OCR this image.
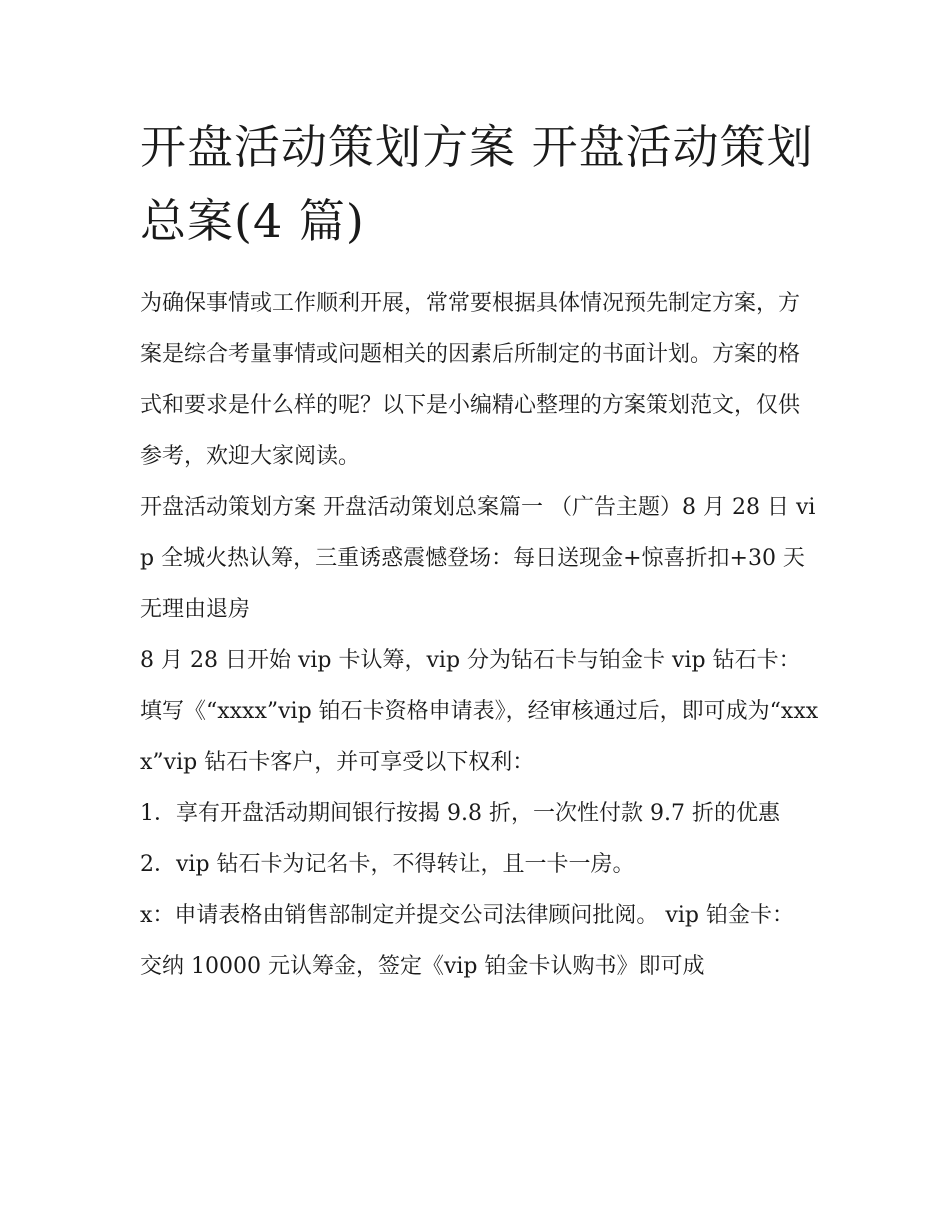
开盘活动策划方案 开盘活动策划总案(4 篇)

为确保事情或工作顺利开展，常常要根据具体情况预先制定方案，方案是综合考量事情或问题相关的因素后所制定的书面计划。方案的格式和要求是什么样的呢？以下是小编精心整理的方案策划范文，仅供参考，欢迎大家阅读。

开盘活动策划方案 开盘活动策划总案篇一 （广告主题）8 月 28 日 vip 全城火热认筹，三重诱惑震憾登场：每日送现金+惊喜折扣+30 天无理由退房

8 月 28 日开始 vip 卡认筹，vip 分为钻石卡与铂金卡 vip 钻石卡：

填写《“xxxx”vip 铂石卡资格申请表》，经审核通过后，即可成为“xxxx”vip 钻石卡客户，并可享受以下权利：

1．享有开盘活动期间银行按揭 9.8 折，一次性付款 9.7 折的优惠 2．vip 钻石卡为记名卡，不得转让，且一卡一房。

x：申请表格由销售部制定并提交公司法律顾问批阅。 vip 铂金卡：

交纳 10000 元认筹金，签定《vip 铂金卡认购书》即可成
